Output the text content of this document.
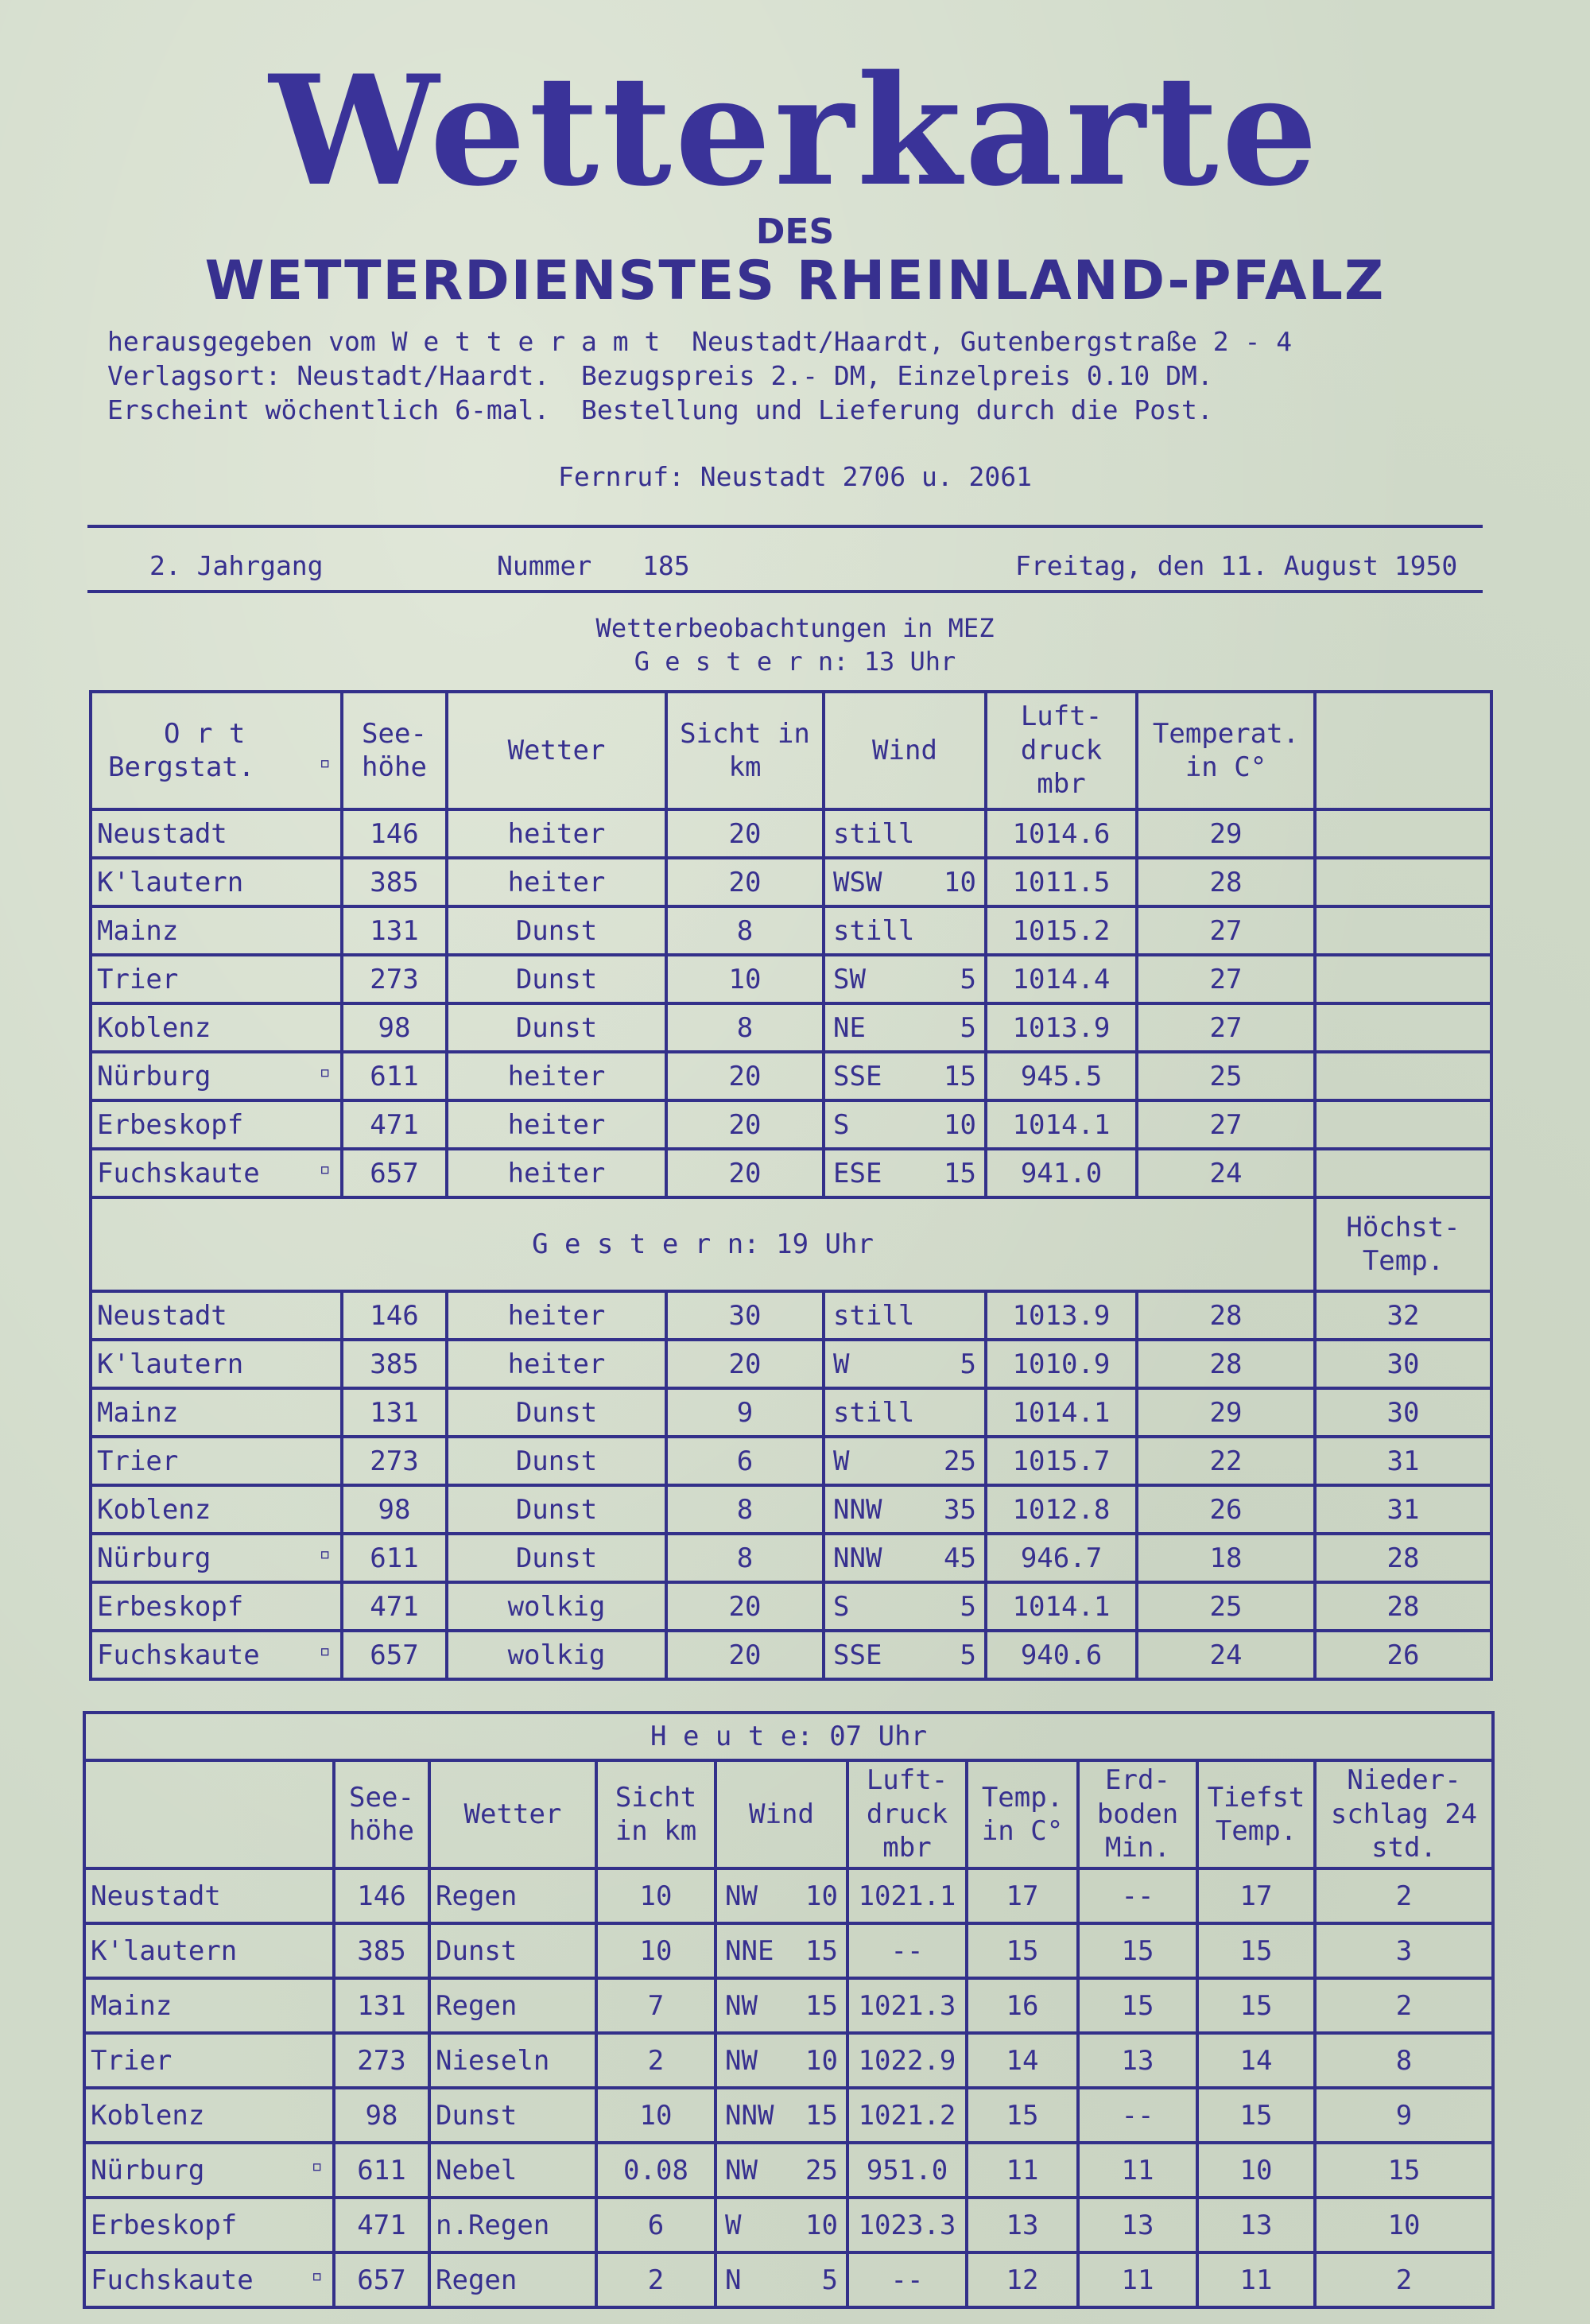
Wetterkarte
DES
WETTERDIENSTES RHEINLAND-PFALZ
herausgegeben vom W e t t e r a m t  Neustadt/Haardt, Gutenbergstraße 2 - 4
Verlagsort: Neustadt/Haardt.  Bezugspreis 2.- DM, Einzelpreis 0.10 DM.
Erscheint wöchentlich 6-mal.  Bestellung und Lieferung durch die Post.
Fernruf: Neustadt 2706 u. 2061
2. Jahrgang	Nummer 185	Freitag, den 11. August 1950
Wetterbeobachtungen in MEZ
G e s t e r n: 13 Uhr
O r t
Bergstat. ▫	See-höhe	Wetter	Sicht in km	Wind	Luft-druck mbr	Temperat. in C°	
Neustadt	146	heiter	20	still	1014.6	29	
K'lautern	385	heiter	20	WSW 10	1011.5	28	
Mainz	131	Dunst	8	still	1015.2	27	
Trier	273	Dunst	10	SW 5	1014.4	27	
Koblenz	98	Dunst	8	NE 5	1013.9	27	
Nürburg ▫	611	heiter	20	SSE 15	945.5	25	
Erbeskopf	471	heiter	20	S 10	1014.1	27	
Fuchskaute ▫	657	heiter	20	ESE 15	941.0	24	
G e s t e r n: 19 Uhr							Höchst-Temp.
Neustadt	146	heiter	30	still	1013.9	28	32
K'lautern	385	heiter	20	W 5	1010.9	28	30
Mainz	131	Dunst	9	still	1014.1	29	30
Trier	273	Dunst	6	W 25	1015.7	22	31
Koblenz	98	Dunst	8	NNW 35	1012.8	26	31
Nürburg ▫	611	Dunst	8	NNW 45	946.7	18	28
Erbeskopf	471	wolkig	20	S 5	1014.1	25	28
Fuchskaute ▫	657	wolkig	20	SSE 5	940.6	24	26
H e u t e: 07 Uhr									
	See-höhe	Wetter	Sicht in km	Wind	Luft-druck mbr	Temp. in C°	Erd-boden Min.	Tiefst Temp.	Nieder-schlag 24 std.
Neustadt	146	Regen	10	NW 10	1021.1	17	--	17	2
K'lautern	385	Dunst	10	NNE 15	--	15	15	15	3
Mainz	131	Regen	7	NW 15	1021.3	16	15	15	2
Trier	273	Nieseln	2	NW 10	1022.9	14	13	14	8
Koblenz	98	Dunst	10	NNW 15	1021.2	15	--	15	9
Nürburg ▫	611	Nebel	0.08	NW 25	951.0	11	11	10	15
Erbeskopf	471	n.Regen	6	W 10	1023.3	13	13	13	10
Fuchskaute ▫	657	Regen	2	N 5	--	12	11	11	2
